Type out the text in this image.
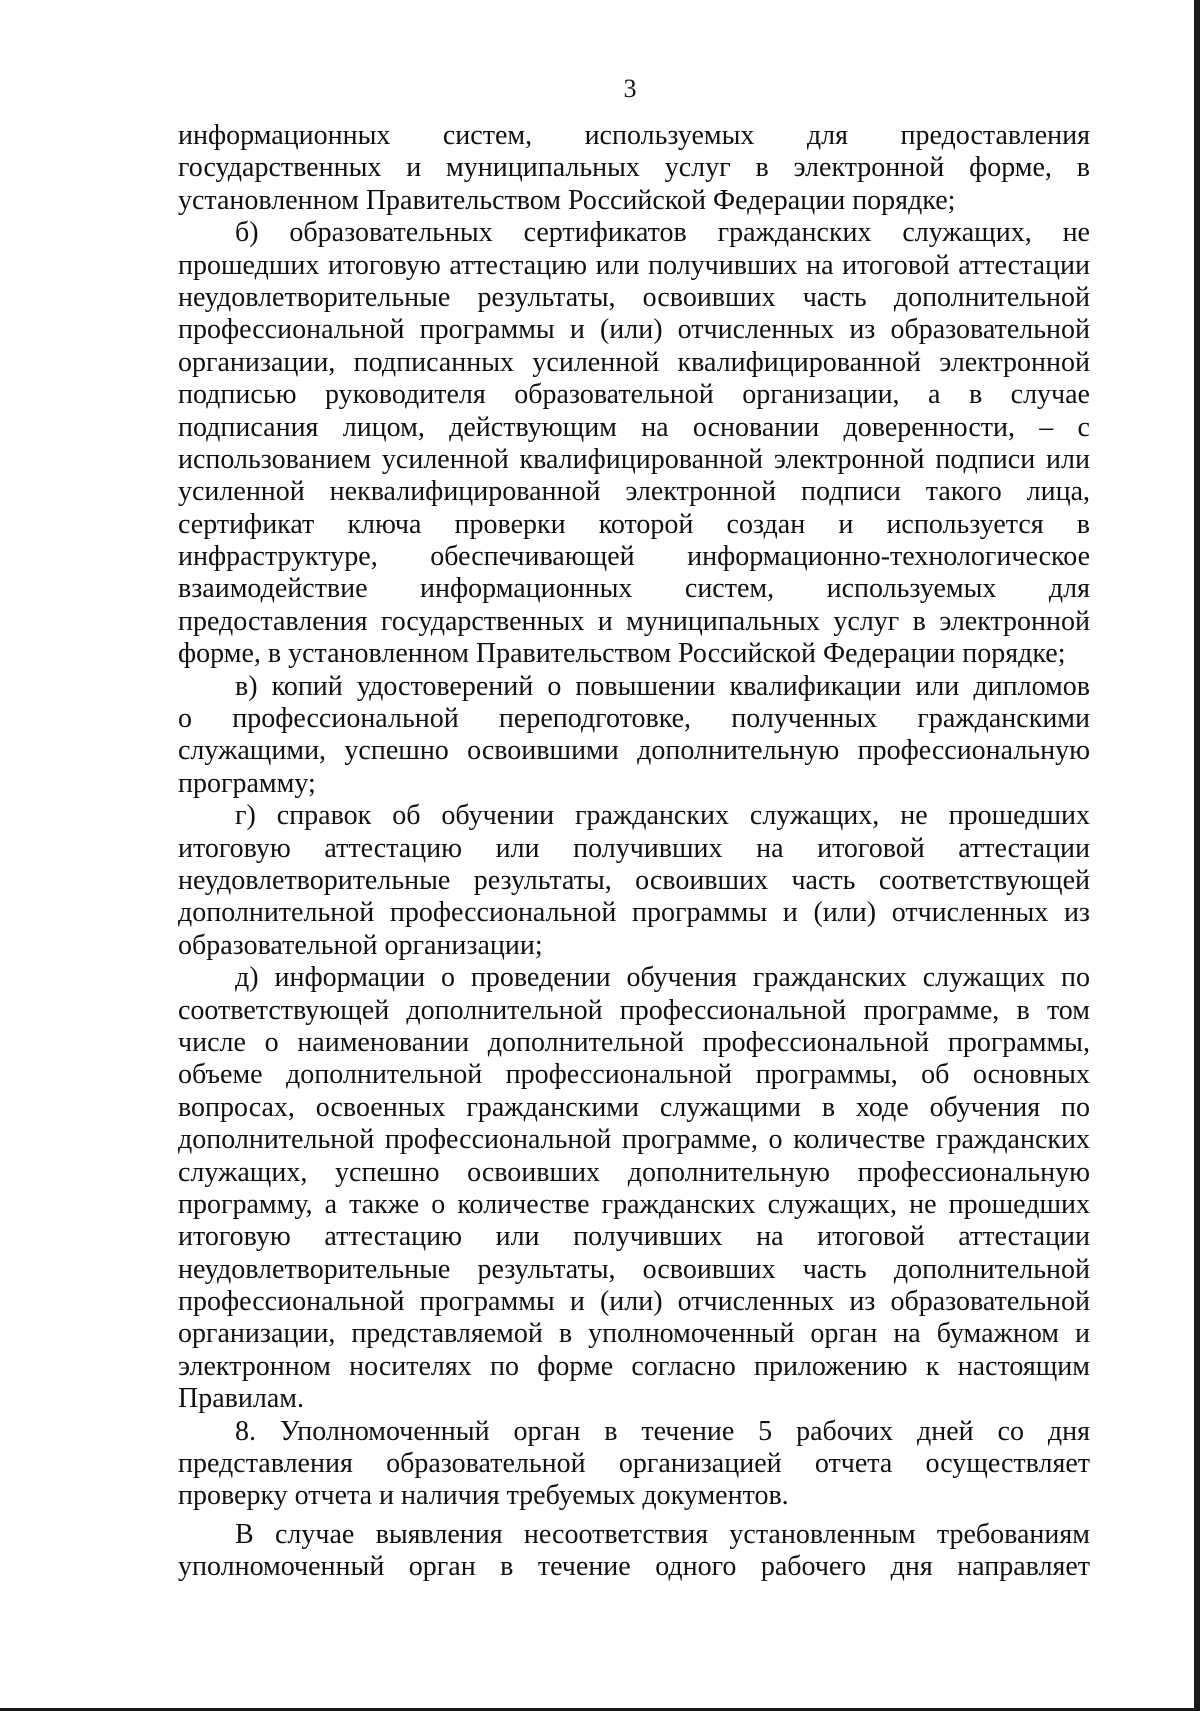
3
информационных систем, используемых для предоставления
государственных и муниципальных услуг в электронной форме, в
установленном Правительством Российской Федерации порядке;
б) образовательных сертификатов гражданских служащих, не
прошедших итоговую аттестацию или получивших на итоговой аттестации
неудовлетворительные результаты, освоивших часть дополнительной
профессиональной программы и (или) отчисленных из образовательной
организации, подписанных усиленной квалифицированной электронной
подписью руководителя образовательной организации, а в случае
подписания лицом, действующим на основании доверенности, – с
использованием усиленной квалифицированной электронной подписи или
усиленной неквалифицированной электронной подписи такого лица,
сертификат ключа проверки которой создан и используется в
инфраструктуре, обеспечивающей информационно-технологическое
взаимодействие информационных систем, используемых для
предоставления государственных и муниципальных услуг в электронной
форме, в установленном Правительством Российской Федерации порядке;
в) копий удостоверений о повышении квалификации или дипломов
о профессиональной переподготовке, полученных гражданскими
служащими, успешно освоившими дополнительную профессиональную
программу;
г) справок об обучении гражданских служащих, не прошедших
итоговую аттестацию или получивших на итоговой аттестации
неудовлетворительные результаты, освоивших часть соответствующей
дополнительной профессиональной программы и (или) отчисленных из
образовательной организации;
д) информации о проведении обучения гражданских служащих по
соответствующей дополнительной профессиональной программе, в том
числе о наименовании дополнительной профессиональной программы,
объеме дополнительной профессиональной программы, об основных
вопросах, освоенных гражданскими служащими в ходе обучения по
дополнительной профессиональной программе, о количестве гражданских
служащих, успешно освоивших дополнительную профессиональную
программу, а также о количестве гражданских служащих, не прошедших
итоговую аттестацию или получивших на итоговой аттестации
неудовлетворительные результаты, освоивших часть дополнительной
профессиональной программы и (или) отчисленных из образовательной
организации, представляемой в уполномоченный орган на бумажном и
электронном носителях по форме согласно приложению к настоящим
Правилам.
8. Уполномоченный орган в течение 5 рабочих дней со дня
представления образовательной организацией отчета осуществляет
проверку отчета и наличия требуемых документов.
В случае выявления несоответствия установленным требованиям
уполномоченный орган в течение одного рабочего дня направляет
